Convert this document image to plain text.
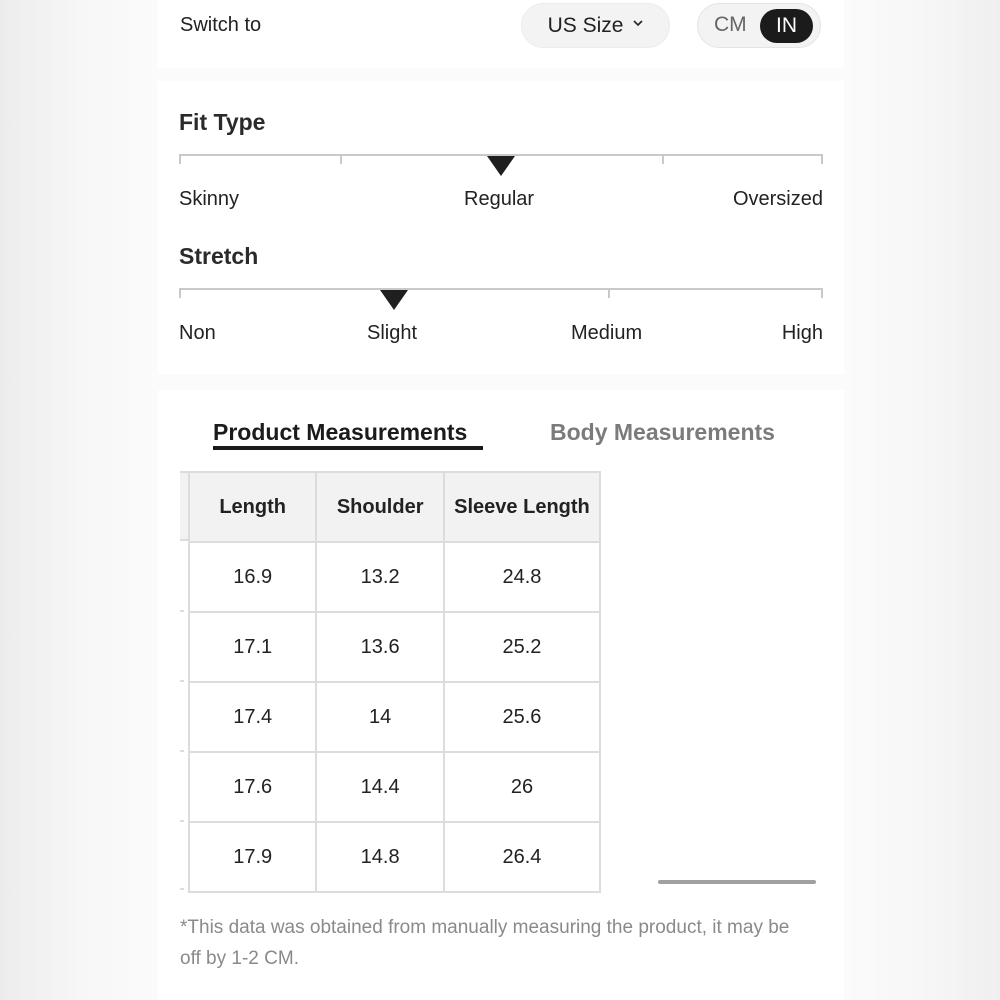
Switch to	US Size	CM	IN
Fit Type
Skinny	Regular	Oversized
Stretch
Non	Slight	Medium	High
Product Measurements	Body Measurements
Length	Shoulder	Sleeve Length
16.9	13.2	24.8
17.1	13.6	25.2
17.4	14	25.6
17.6	14.4	26
17.9	14.8	26.4

*This data was obtained from manually measuring the product, it may be off by 1-2 CM.
